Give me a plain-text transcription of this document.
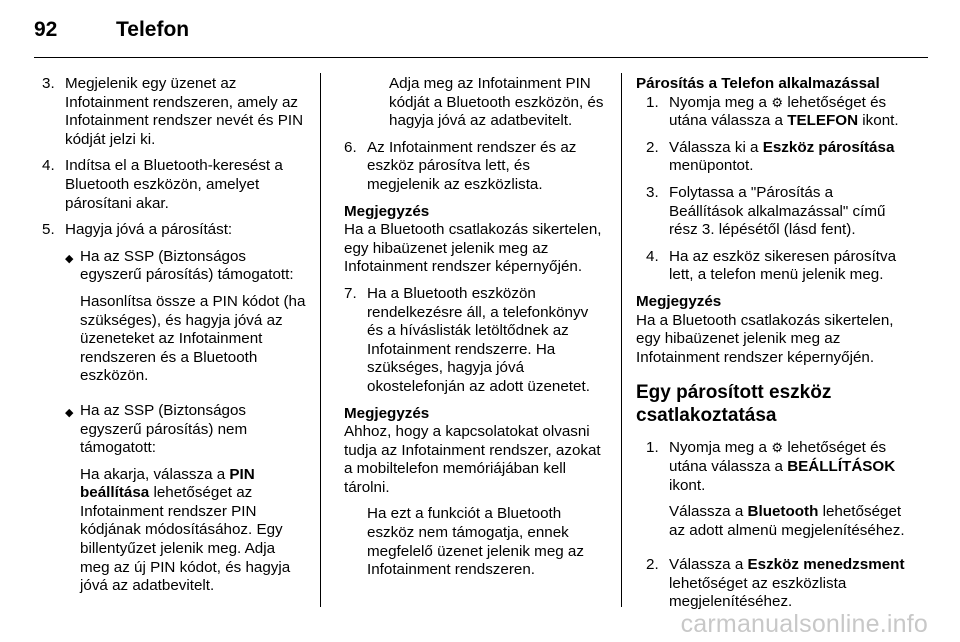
92	Telefon
3. Megjelenik egy üzenet az Infotainment rendszeren, amely az Infotainment rendszer nevét és PIN kódját jelzi ki.
4. Indítsa el a Bluetooth-keresést a Bluetooth eszközön, amelyet párosítani akar.
5. Hagyja jóvá a párosítást:
◆ Ha az SSP (Biztonságos egyszerű párosítás) támogatott:
Hasonlítsa össze a PIN kódot (ha szükséges), és hagyja jóvá az üzeneteket az Infotainment rendszeren és a Bluetooth eszközön.
◆ Ha az SSP (Biztonságos egyszerű párosítás) nem támogatott:
Ha akarja, válassza a PIN beállítása lehetőséget az Infotainment rendszer PIN kódjának módosításához. Egy billentyűzet jelenik meg. Adja meg az új PIN kódot, és hagyja jóvá az adatbevitelt.
Adja meg az Infotainment PIN kódját a Bluetooth eszközön, és hagyja jóvá az adatbevitelt.
6. Az Infotainment rendszer és az eszköz párosítva lett, és megjelenik az eszközlista.
Megjegyzés
Ha a Bluetooth csatlakozás sikertelen, egy hibaüzenet jelenik meg az Infotainment rendszer képernyőjén.
7. Ha a Bluetooth eszközön rendelkezésre áll, a telefonkönyv és a híváslisták letöltődnek az Infotainment rendszerre. Ha szükséges, hagyja jóvá okostelefonján az adott üzenetet.
Megjegyzés
Ahhoz, hogy a kapcsolatokat olvasni tudja az Infotainment rendszer, azokat a mobiltelefon memóriájában kell tárolni.
Ha ezt a funkciót a Bluetooth eszköz nem támogatja, ennek megfelelő üzenet jelenik meg az Infotainment rendszeren.
Párosítás a Telefon alkalmazással
1. Nyomja meg a ⚙ lehetőséget és utána válassza a TELEFON ikont.
2. Válassza ki a Eszköz párosítása menüpontot.
3. Folytassa a "Párosítás a Beállítások alkalmazással" című rész 3. lépésétől (lásd fent).
4. Ha az eszköz sikeresen párosítva lett, a telefon menü jelenik meg.
Megjegyzés
Ha a Bluetooth csatlakozás sikertelen, egy hibaüzenet jelenik meg az Infotainment rendszer képernyőjén.
Egy párosított eszköz csatlakoztatása
1. Nyomja meg a ⚙ lehetőséget és utána válassza a BEÁLLÍTÁSOK ikont.
Válassza a Bluetooth lehetőséget az adott almenü megjelenítéséhez.
2. Válassza a Eszköz menedzsment lehetőséget az eszközlista megjelenítéséhez.
carmanualsonline.info
